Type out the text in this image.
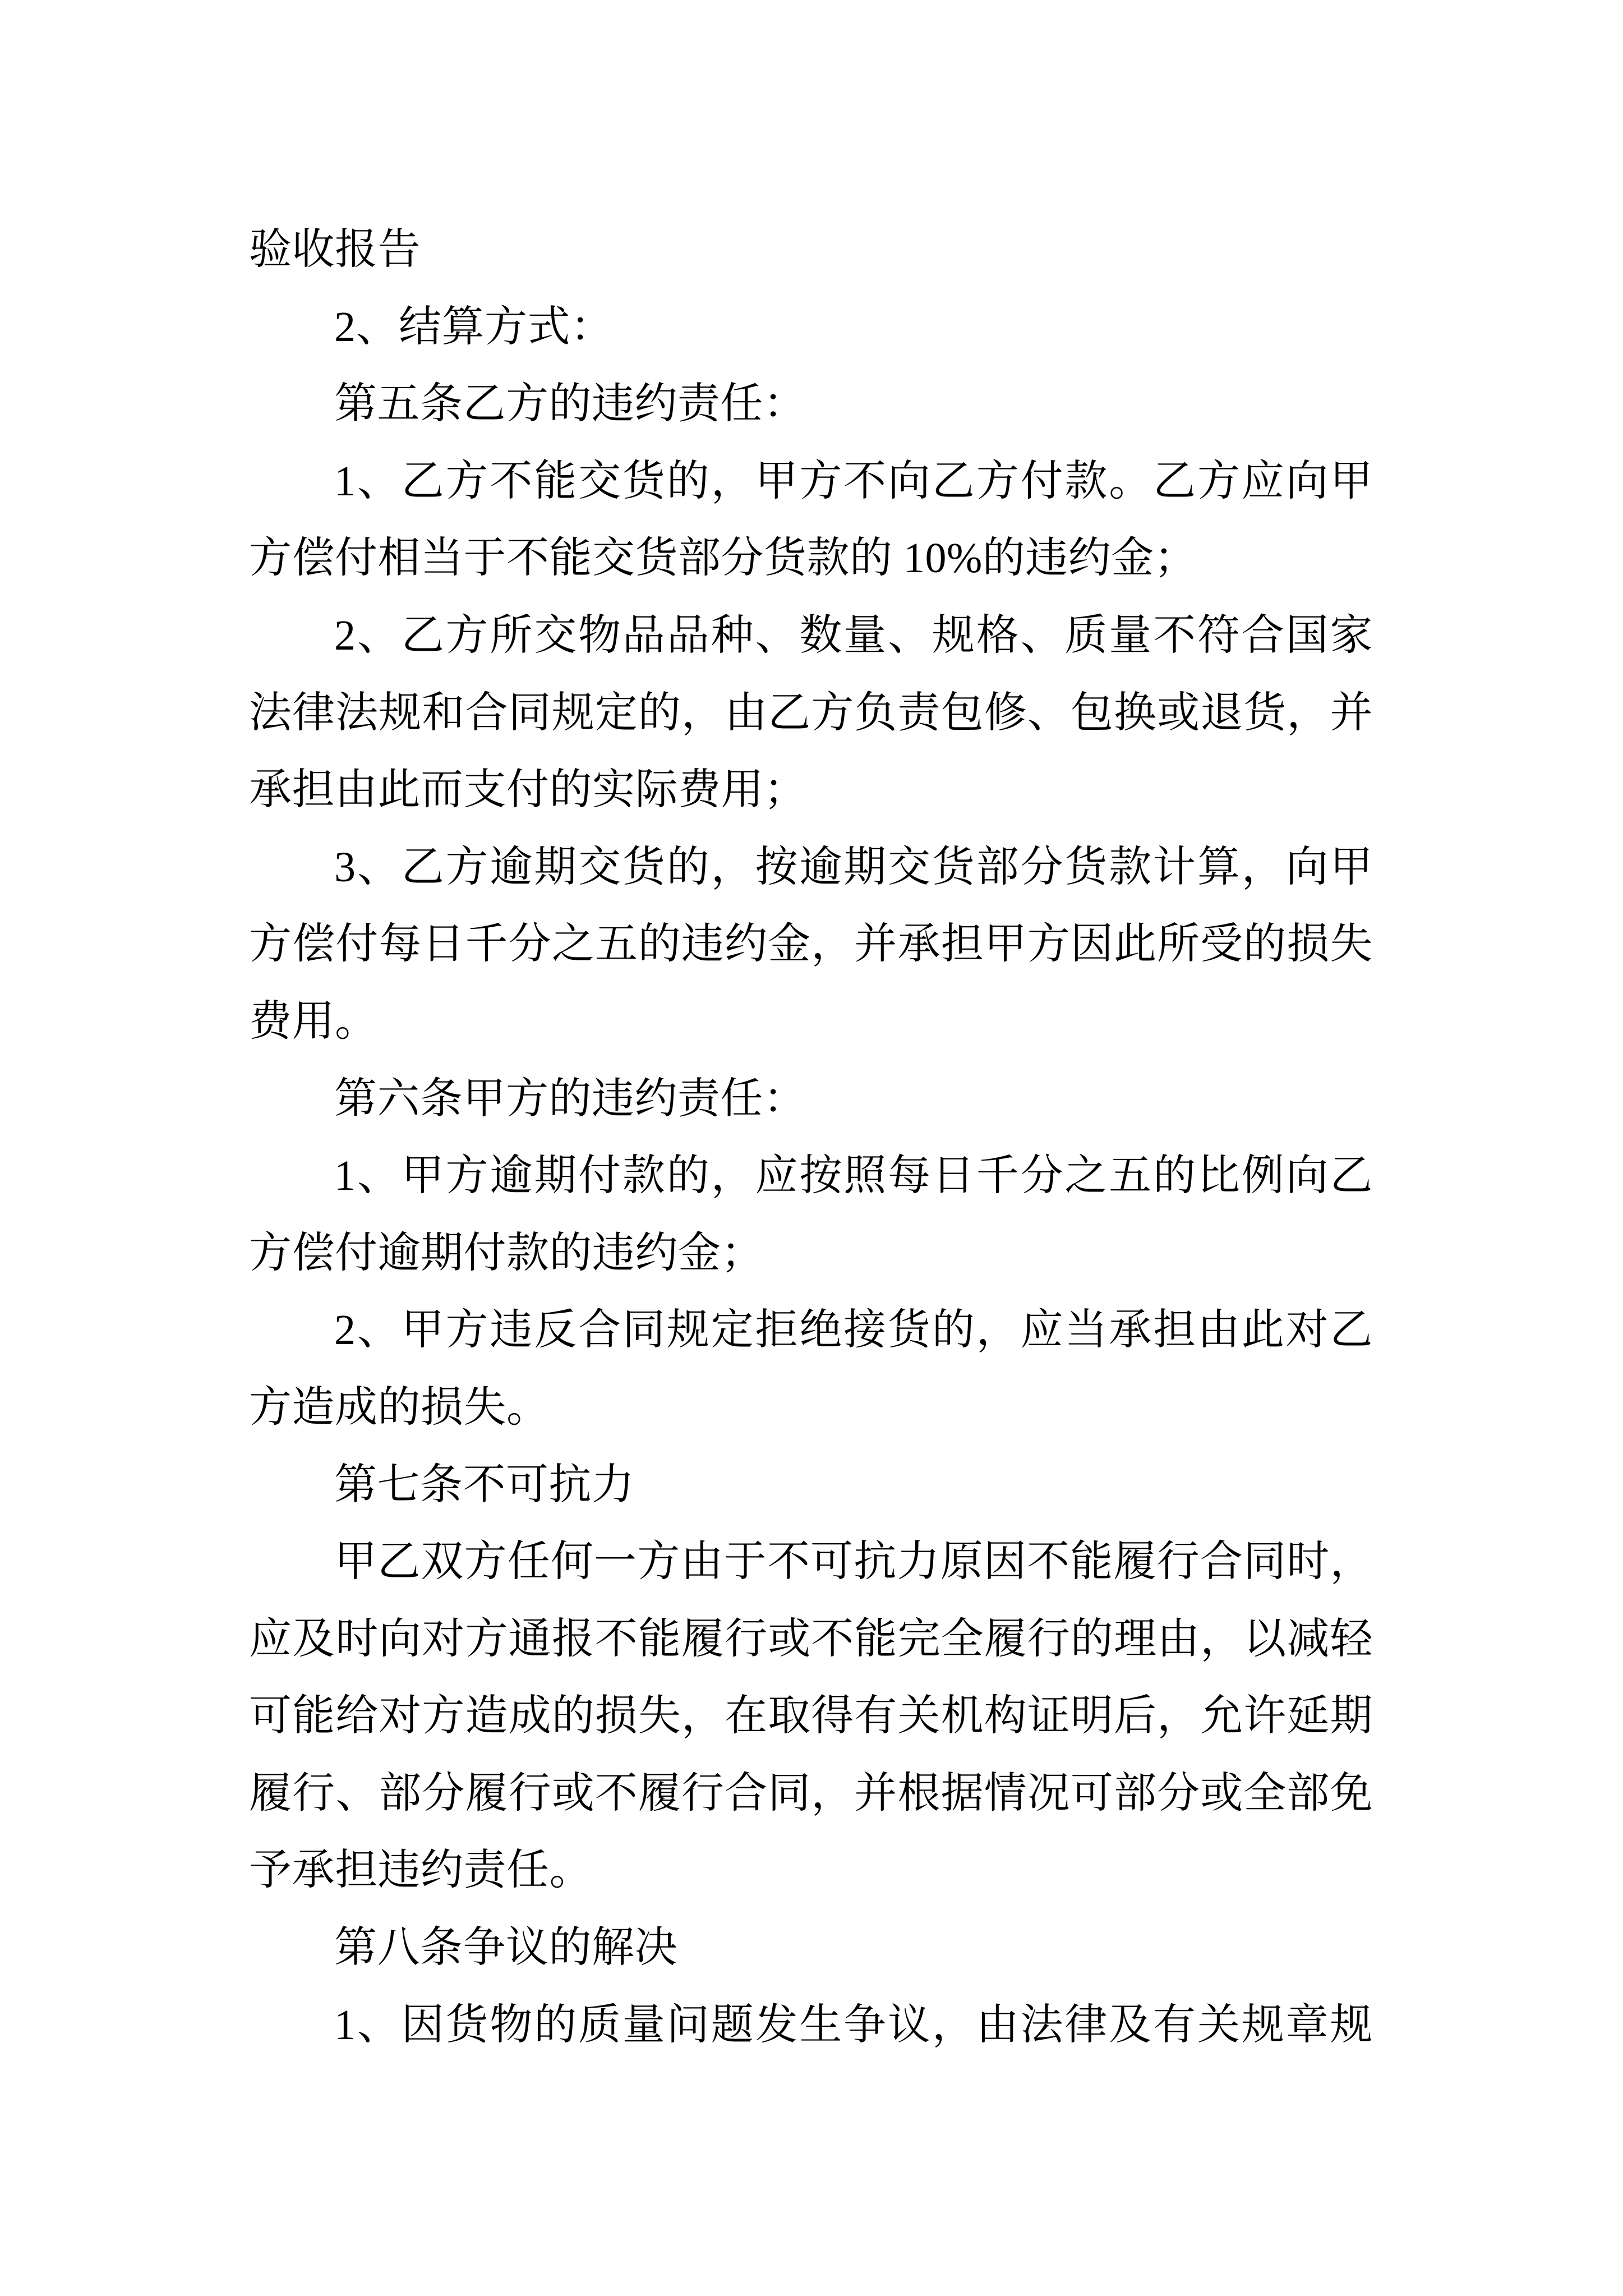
验收报告
2、结算方式：
第五条乙方的违约责任：
1、乙方不能交货的，甲方不向乙方付款。乙方应向甲
方偿付相当于不能交货部分货款的 10%的违约金；
2、乙方所交物品品种、数量、规格、质量不符合国家
法律法规和合同规定的，由乙方负责包修、包换或退货，并
承担由此而支付的实际费用；
3、乙方逾期交货的，按逾期交货部分货款计算，向甲
方偿付每日千分之五的违约金，并承担甲方因此所受的损失
费用。
第六条甲方的违约责任：
1、甲方逾期付款的，应按照每日千分之五的比例向乙
方偿付逾期付款的违约金；
2、甲方违反合同规定拒绝接货的，应当承担由此对乙
方造成的损失。
第七条不可抗力
甲乙双方任何一方由于不可抗力原因不能履行合同时，
应及时向对方通报不能履行或不能完全履行的理由，以减轻
可能给对方造成的损失，在取得有关机构证明后，允许延期
履行、部分履行或不履行合同，并根据情况可部分或全部免
予承担违约责任。
第八条争议的解决
1、因货物的质量问题发生争议，由法律及有关规章规
